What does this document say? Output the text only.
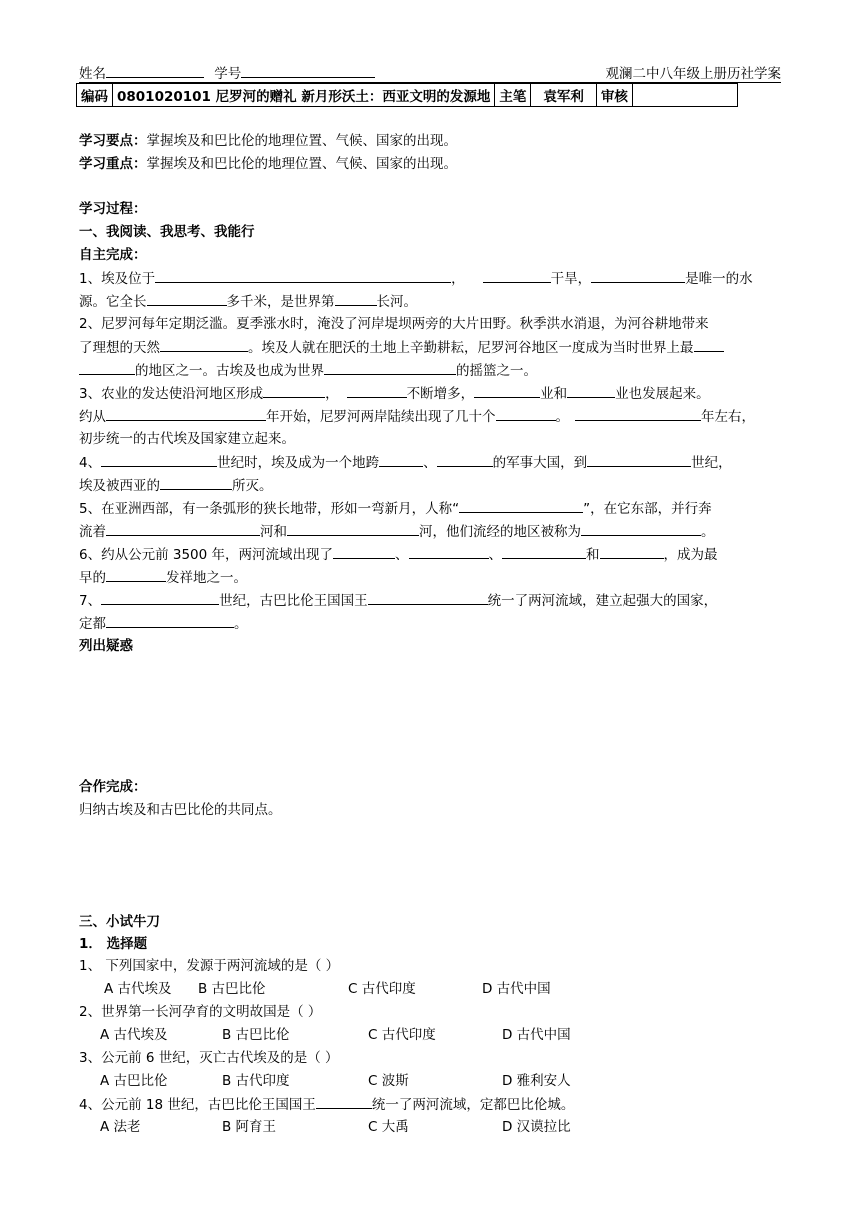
姓名	学号	观澜二中八年级上册历社学案
编码	0801020101 尼罗河的赠礼 新月形沃土：西亚文明的发源地	主笔	袁军利	审核	
学习要点：掌握埃及和巴比伦的地理位置、气候、国家的出现。
学习重点：掌握埃及和巴比伦的地理位置、气候、国家的出现。
学习过程：
一、我阅读、我思考、我能行
自主完成：
1、埃及位于	，	干旱，	是唯一的水
源。它全长	多千米，是世界第	长河。
2、尼罗河每年定期泛滥。夏季涨水时，淹没了河岸堤坝两旁的大片田野。秋季洪水消退，为河谷耕地带来
了理想的天然	。埃及人就在肥沃的土地上辛勤耕耘，尼罗河谷地区一度成为当时世界上最
的地区之一。古埃及也成为世界	的摇篮之一。
3、农业的发达使沿河地区形成	，	不断增多，	业和	业也发展起来。
约从	年开始，尼罗河两岸陆续出现了几十个	。	年左右，
初步统一的古代埃及国家建立起来。
4、	世纪时，埃及成为一个地跨	、	的军事大国，到	世纪，
埃及被西亚的	所灭。
5、在亚洲西部，有一条弧形的狭长地带，形如一弯新月，人称“	”，在它东部，并行奔
流着	河和	河，他们流经的地区被称为	。
6、约从公元前 3500 年，两河流域出现了	、	、	和	，成为最
早的	发祥地之一。
7、	世纪，古巴比伦王国国王	统一了两河流域，建立起强大的国家，
定都	。
列出疑惑
合作完成：
归纳古埃及和古巴比伦的共同点。
三、小试牛刀
1． 选择题
1、 下列国家中，发源于两河流域的是（ ）
A 古代埃及 B 古巴比伦	C 古代印度	D 古代中国
2、世界第一长河孕育的文明故国是（ ）
A 古代埃及	B 古巴比伦	C 古代印度	D 古代中国
3、公元前 6 世纪，灭亡古代埃及的是（ ）
A 古巴比伦	B 古代印度	C 波斯	D 雅利安人
4、公元前 18 世纪，古巴比伦王国国王	统一了两河流域，定都巴比伦城。
A 法老	B 阿育王	C 大禹	D 汉谟拉比
